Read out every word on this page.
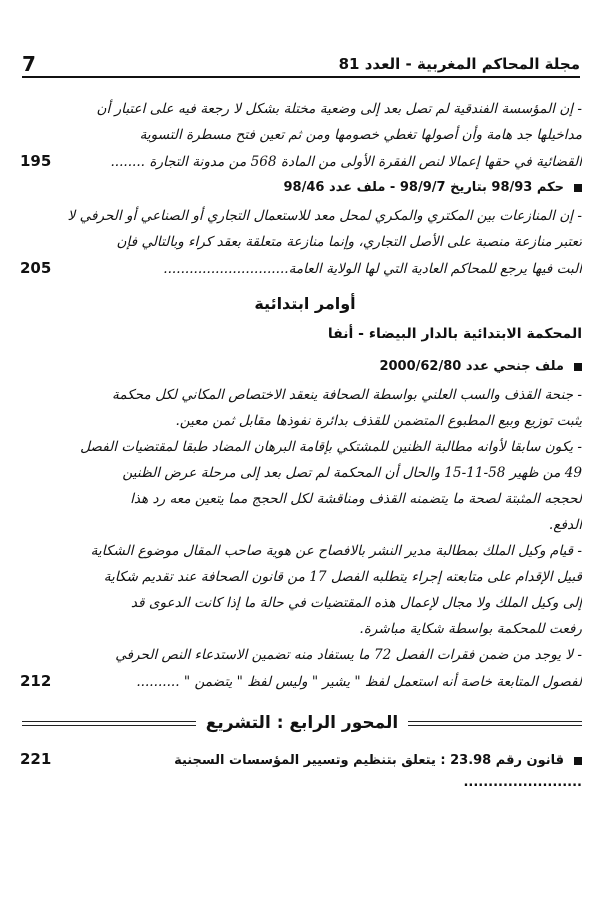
7	مجلة المحاكم المغربية - العدد 81
- إن المؤسسة الفندقية لم تصل بعد إلى وضعية مختلة بشكل لا رجعة فيه على اعتبار أن
مداخيلها جد هامة وأن أصولها تغطي خصومها ومن ثم تعين فتح مسطرة التسوية
القضائية في حقها إعمالا لنص الفقرة الأولى من المادة 568 من مدونة التجارة ........
195
حكم 98/93 بتاريخ 98/9/7 - ملف عدد 98/46
- إن المنازعات بين المكتري والمكري لمحل معد للاستعمال التجاري أو الصناعي أو الحرفي لا
تعتبر منازعة منصبة على الأصل التجاري، وإنما منازعة متعلقة بعقد كراء وبالتالي فإن
البت فيها يرجع للمحاكم العادية التي لها الولاية العامة.............................
205
أوامر ابتدائية
المحكمة الابتدائية بالدار البيضاء - أنفا
ملف جنحي عدد 2000/62/80
- جنحة القذف والسب العلني بواسطة الصحافة ينعقد الاختصاص المكاني لكل محكمة
يثبت توزيع وبيع المطبوع المتضمن للقذف بدائرة نفوذها مقابل ثمن معين.
- يكون سابقا لأوانه مطالبة الظنين للمشتكي بإقامة البرهان المضاد طبقا لمقتضيات الفصل
49 من ظهير 58-11-15 والحال أن المحكمة لم تصل بعد إلى مرحلة عرض الظنين
لحججه المثبتة لصحة ما يتضمنه القذف ومناقشة لكل الحجج مما يتعين معه رد هذا
الدفع.
- قيام وكيل الملك بمطالبة مدير النشر بالافصاح عن هوية صاحب المقال موضوع الشكاية
قبيل الإقدام على متابعته إجراء يتطلبه الفصل 17 من قانون الصحافة عند تقديم شكاية
إلى وكيل الملك ولا مجال لإعمال هذه المقتضيات في حالة ما إذا كانت الدعوى قد
رفعت للمحكمة بواسطة شكاية مباشرة.
- لا يوجد من ضمن فقرات الفصل 72 ما يستفاد منه تضمين الاستدعاء النص الحرفي
لفصول المتابعة خاصة أنه استعمل لفظ " يشير " وليس لفظ " يتضمن " ..........
212
المحور الرابع : التشريع
قانون رقم 23.98 : يتعلق بتنظيم وتسيير المؤسسات السجنية ........................
221
